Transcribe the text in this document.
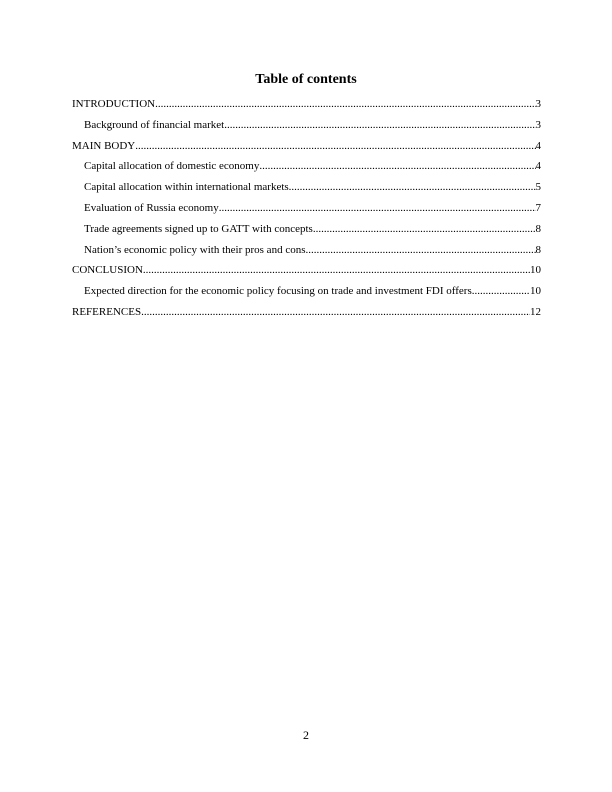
Table of contents
INTRODUCTION .....	3
Background of financial market .....	3
MAIN BODY .....	4
Capital allocation of domestic economy .....	4
Capital allocation within international markets .....	5
Evaluation of Russia economy .....	7
Trade agreements signed up to GATT with concepts .....	8
Nation’s economic policy with their pros and cons .....	8
CONCLUSION .....	10
Expected direction for the economic policy focusing on trade and investment FDI offers .....	10
REFERENCES .....	12
2
